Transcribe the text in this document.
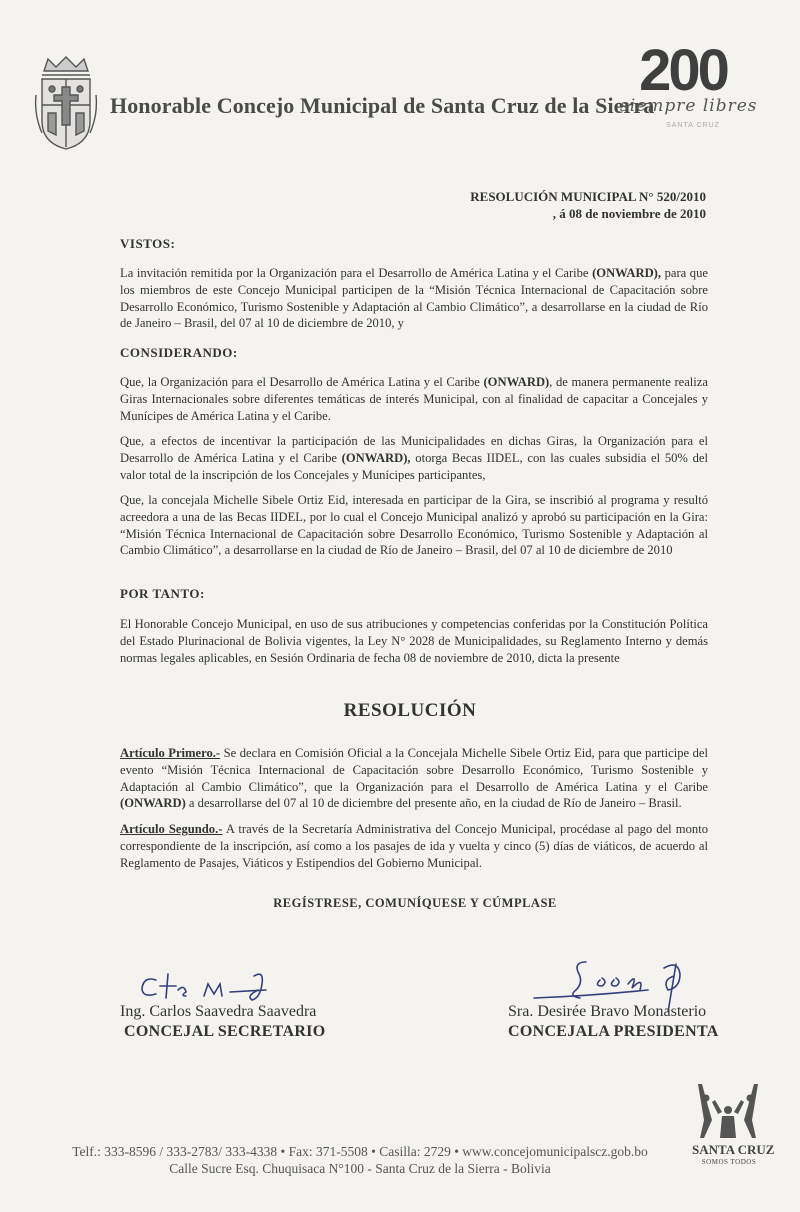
Honorable Concejo Municipal de Santa Cruz de la Sierra
200
siempre libres
SANTA CRUZ
RESOLUCIÓN MUNICIPAL N° 520/2010
, á 08 de noviembre de 2010
VISTOS:
La invitación remitida por la Organización para el Desarrollo de América Latina y el Caribe (ONWARD), para que los miembros de este Concejo Municipal participen de la “Misión Técnica Internacional de Capacitación sobre Desarrollo Económico, Turismo Sostenible y Adaptación al Cambio Climático”, a desarrollarse en la ciudad de Río de Janeiro – Brasil, del 07 al 10 de diciembre de 2010, y
CONSIDERANDO:
Que, la Organización para el Desarrollo de América Latina y el Caribe (ONWARD), de manera permanente realiza Giras Internacionales sobre diferentes temáticas de interés Municipal, con al finalidad de capacitar a Concejales y Munícipes de América Latina y el Caribe.
Que, a efectos de incentivar la participación de las Municipalidades en dichas Giras, la Organización para el Desarrollo de América Latina y el Caribe (ONWARD), otorga Becas IIDEL, con las cuales subsidia el 50% del valor total de la inscripción de los Concejales y Munícipes participantes,
Que, la concejala Michelle Sibele Ortiz Eid, interesada en participar de la Gira, se inscribió al programa y resultó acreedora a una de las Becas IIDEL, por lo cual el Concejo Municipal analizó y aprobó su participación en la Gira: “Misión Técnica Internacional de Capacitación sobre Desarrollo Económico, Turismo Sostenible y Adaptación al Cambio Climático”, a desarrollarse en la ciudad de Río de Janeiro – Brasil, del 07 al 10 de diciembre de 2010
POR TANTO:
El Honorable Concejo Municipal, en uso de sus atribuciones y competencias conferidas por la Constitución Política del Estado Plurinacional de Bolivia vigentes, la Ley N° 2028 de Municipalidades, su Reglamento Interno y demás normas legales aplicables, en Sesión Ordinaria de fecha 08 de noviembre de 2010, dicta la presente
RESOLUCIÓN
Artículo Primero.- Se declara en Comisión Oficial a la Concejala Michelle Sibele Ortiz Eid, para que participe del evento “Misión Técnica Internacional de Capacitación sobre Desarrollo Económico, Turismo Sostenible y Adaptación al Cambio Climático”, que la Organización para el Desarrollo de América Latina y el Caribe (ONWARD) a desarrollarse del 07 al 10 de diciembre del presente año, en la ciudad de Río de Janeiro – Brasil.
Artículo Segundo.- A través de la Secretaría Administrativa del Concejo Municipal, procédase al pago del monto correspondiente de la inscripción, así como a los pasajes de ida y vuelta y cinco (5) días de viáticos, de acuerdo al Reglamento de Pasajes, Viáticos y Estipendios del Gobierno Municipal.
REGÍSTRESE, COMUNÍQUESE Y CÚMPLASE
Ing. Carlos Saavedra Saavedra
CONCEJAL SECRETARIO
Sra. Desirée Bravo Monasterio
CONCEJALA PRESIDENTA
Telf.: 333-8596 / 333-2783/ 333-4338 • Fax: 371-5508 • Casilla: 2729 • www.concejomunicipalscz.gob.bo
Calle Sucre Esq. Chuquisaca N°100 - Santa Cruz de la Sierra - Bolivia
SANTA CRUZ
SOMOS TODOS
